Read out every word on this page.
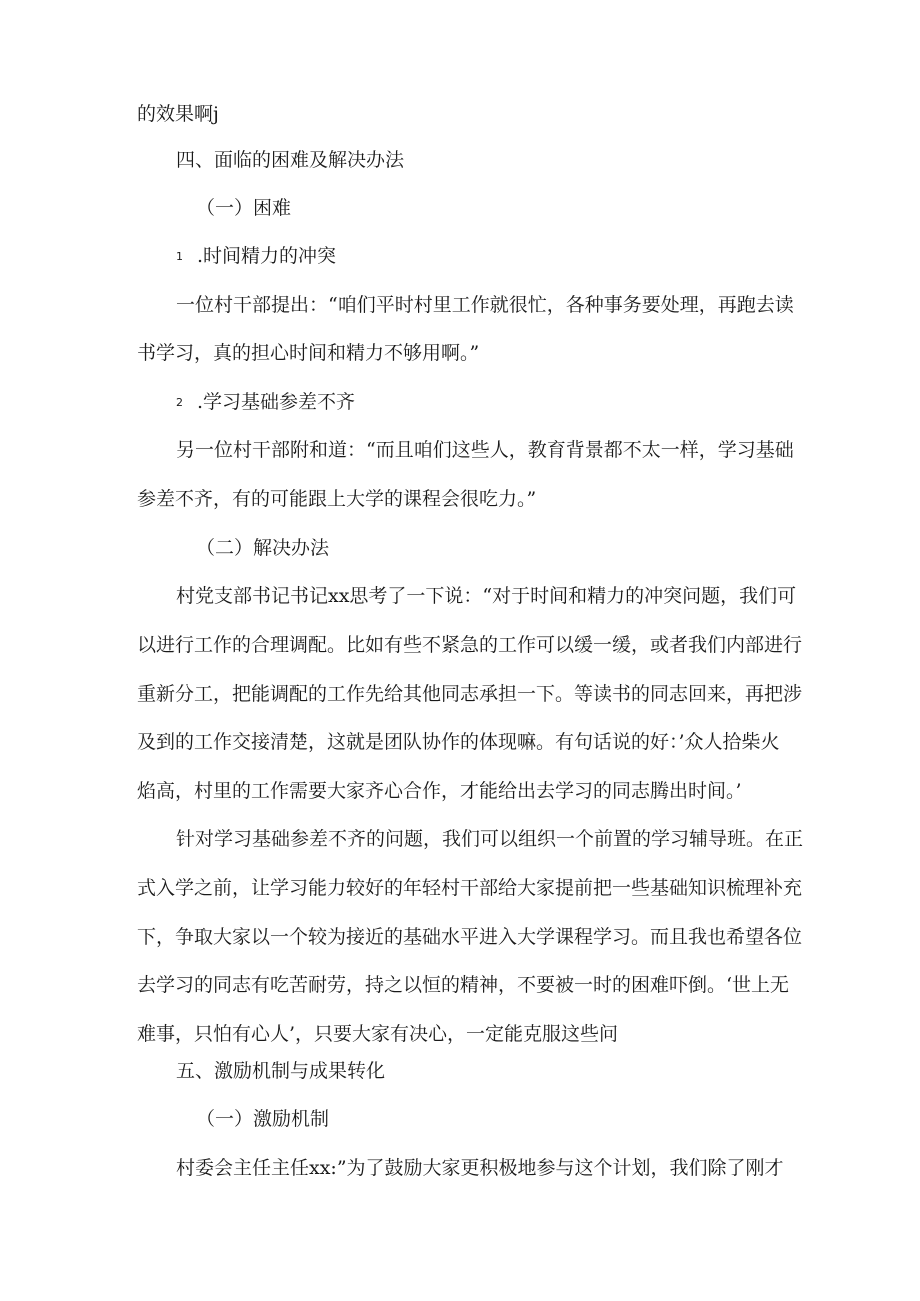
的效果啊j
四、面临的困难及解决办法
（一）困难
1 .时间精力的冲突
一位村干部提出：“咱们平时村里工作就很忙，各种事务要处理，再跑去读
书学习，真的担心时间和精力不够用啊。”
2 .学习基础参差不齐
另一位村干部附和道：“而且咱们这些人，教育背景都不太一样，学习基础
参差不齐，有的可能跟上大学的课程会很吃力。”
（二）解决办法
村党支部书记书记xx思考了一下说：“对于时间和精力的冲突问题，我们可
以进行工作的合理调配。比如有些不紧急的工作可以缓一缓，或者我们内部进行
重新分工，把能调配的工作先给其他同志承担一下。等读书的同志回来，再把涉
及到的工作交接清楚，这就是团队协作的体现嘛。有句话说的好：’众人拾柴火
焰高，村里的工作需要大家齐心合作，才能给出去学习的同志腾出时间。’
针对学习基础参差不齐的问题，我们可以组织一个前置的学习辅导班。在正
式入学之前，让学习能力较好的年轻村干部给大家提前把一些基础知识梳理补充
下，争取大家以一个较为接近的基础水平进入大学课程学习。而且我也希望各位
去学习的同志有吃苦耐劳，持之以恒的精神，不要被一时的困难吓倒。‘世上无
难事，只怕有心人’，只要大家有决心，一定能克服这些问
五、激励机制与成果转化
（一）激励机制
村委会主任主任xx:”为了鼓励大家更积极地参与这个计划，我们除了刚才
